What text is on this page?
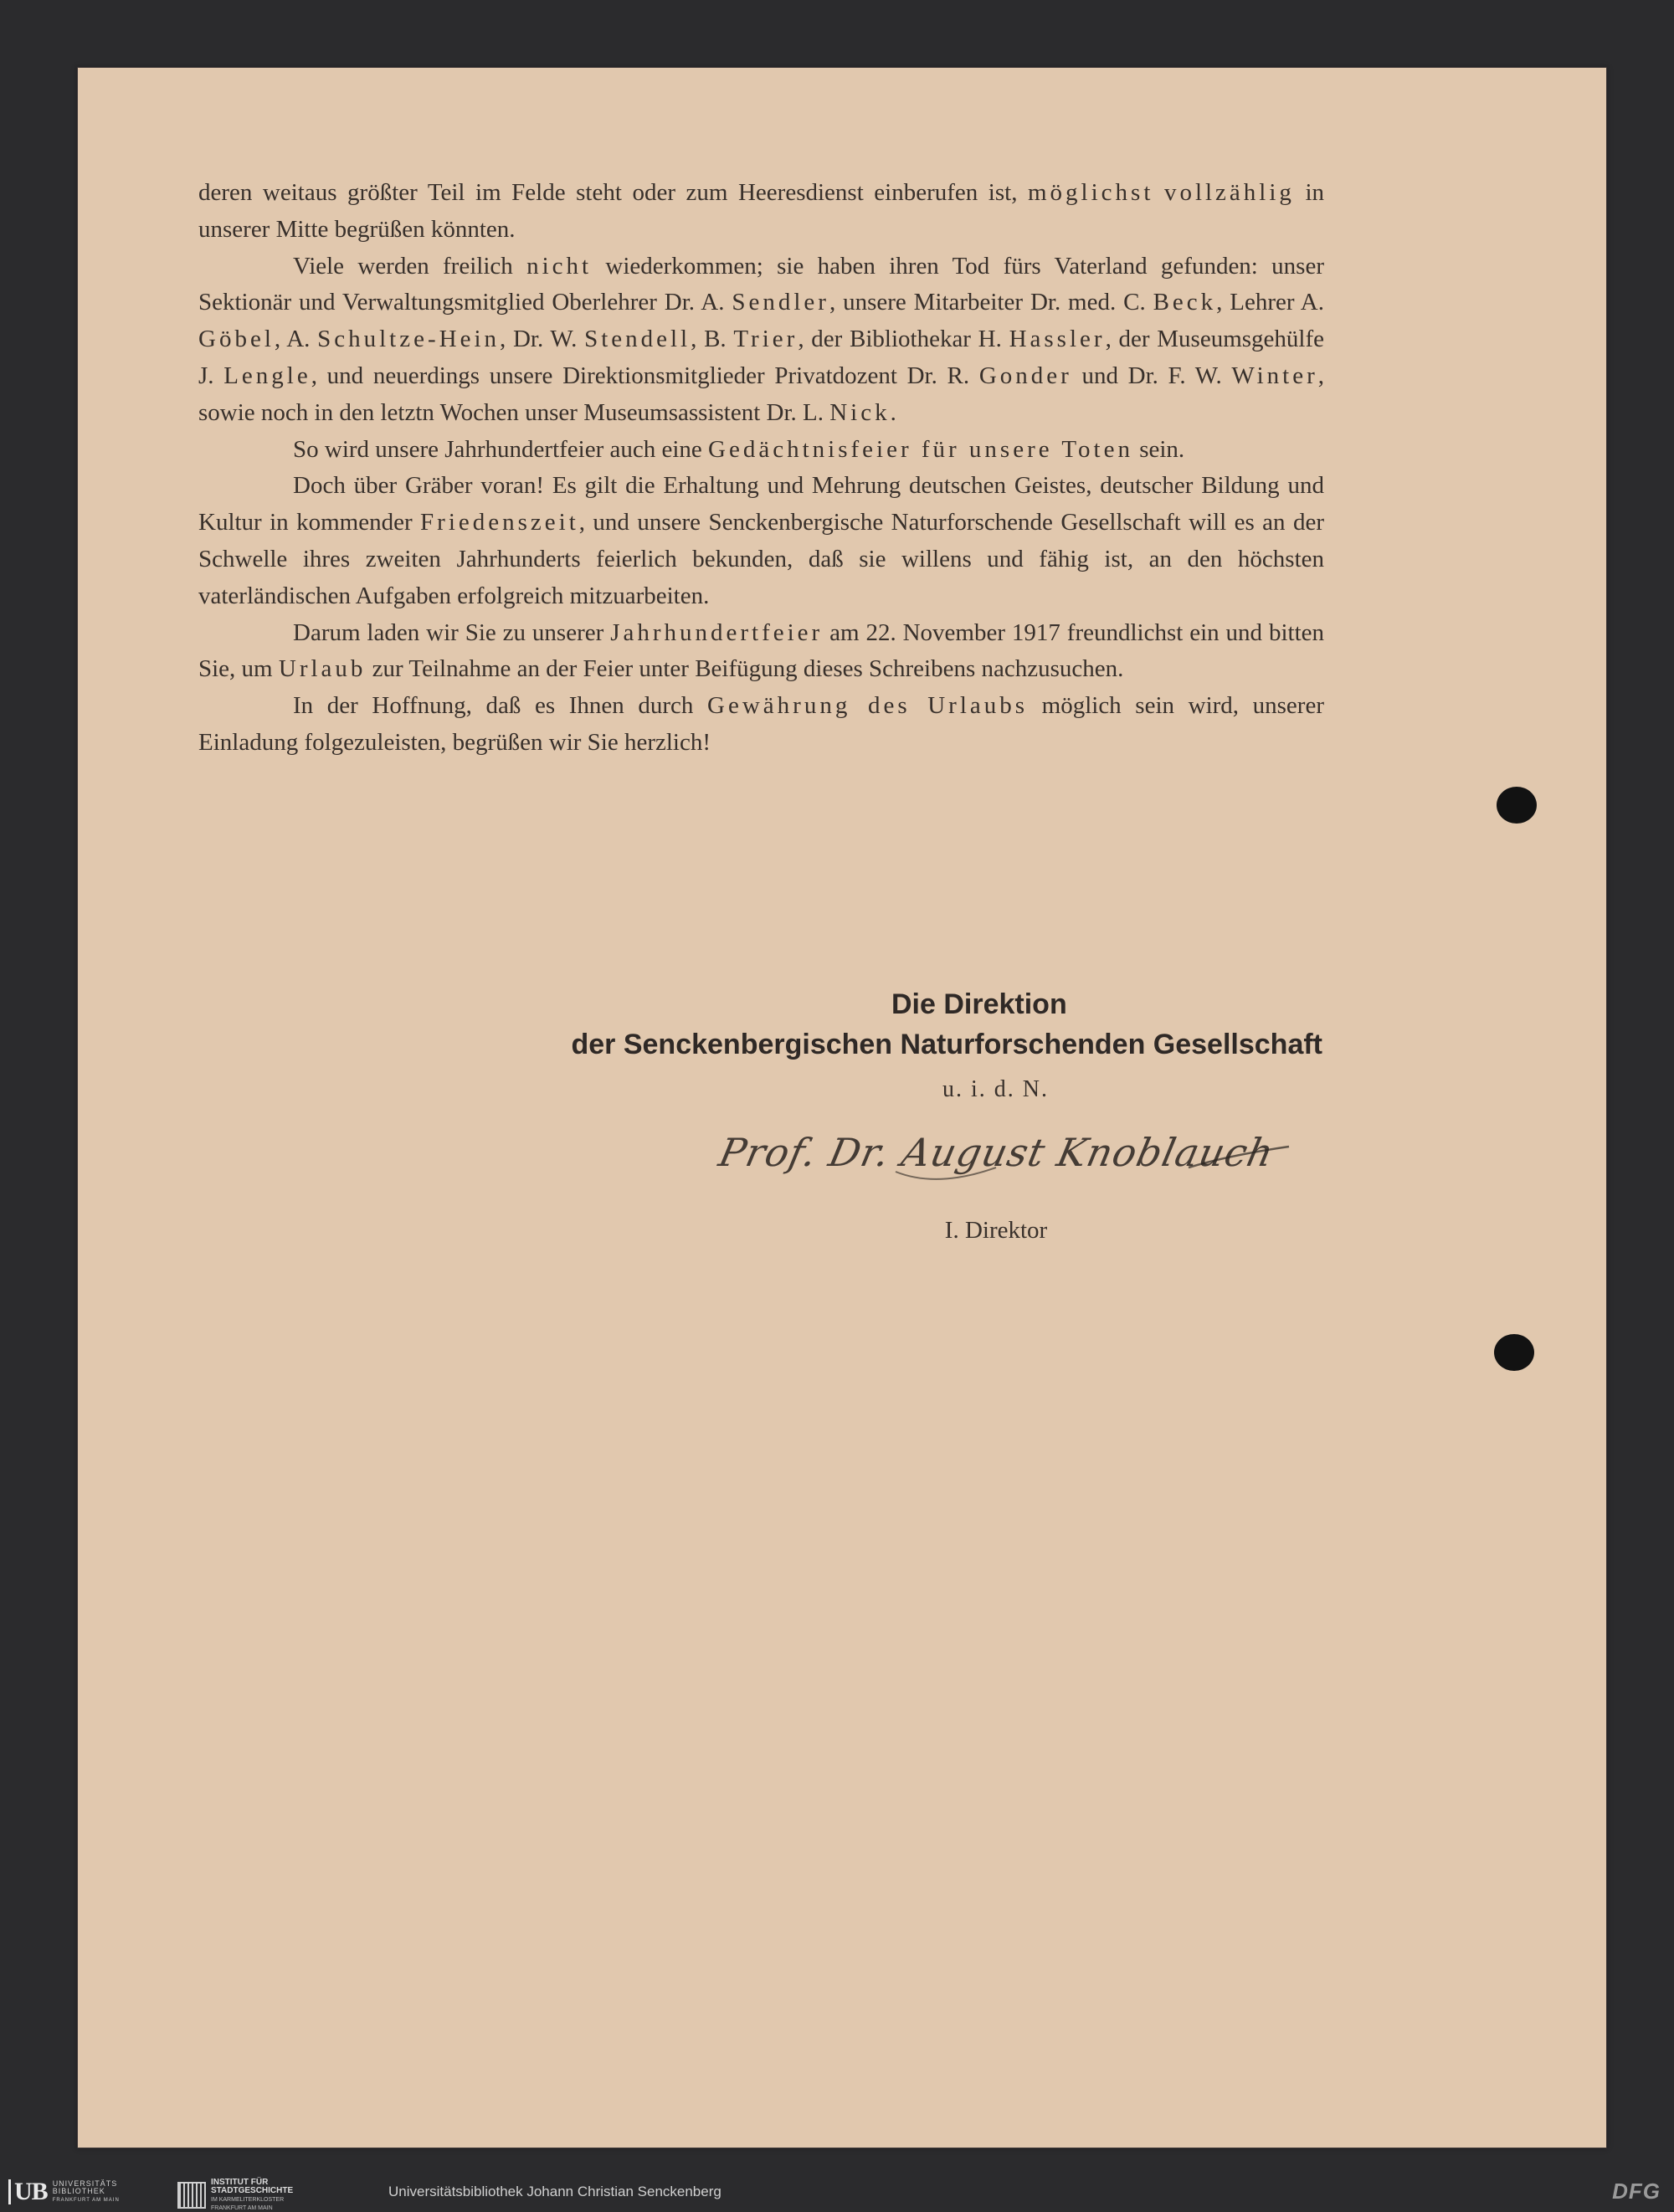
deren weitaus größter Teil im Felde steht oder zum Heeresdienst einberufen ist, möglichst vollzählig in unserer Mitte begrüßen könnten.

Viele werden freilich nicht wiederkommen; sie haben ihren Tod fürs Vaterland gefunden: unser Sektionär und Verwaltungsmitglied Oberlehrer Dr. A. Sendler, unsere Mitarbeiter Dr. med. C. Beck, Lehrer A. Göbel, A. Schultze-Hein, Dr. W. Stendell, B. Trier, der Bibliothekar H. Hassler, der Museumsgehülfe J. Lengle, und neuerdings unsere Direktionsmitglieder Privatdozent Dr. R. Gonder und Dr. F. W. Winter, sowie noch in den letztn Wochen unser Museumsassistent Dr. L. Nick.

So wird unsere Jahrhundertfeier auch eine Gedächtnisfeier für unsere Toten sein.

Doch über Gräber voran! Es gilt die Erhaltung und Mehrung deutschen Geistes, deutscher Bildung und Kultur in kommender Friedenszeit, und unsere Senckenbergische Naturforschende Gesellschaft will es an der Schwelle ihres zweiten Jahrhunderts feierlich bekunden, daß sie willens und fähig ist, an den höchsten vaterländischen Aufgaben erfolgreich mitzuarbeiten.

Darum laden wir Sie zu unserer Jahrhundertfeier am 22. November 1917 freundlichst ein und bitten Sie, um Urlaub zur Teilnahme an der Feier unter Beifügung dieses Schreibens nachzusuchen.

In der Hoffnung, daß es Ihnen durch Gewährung des Urlaubs möglich sein wird, unserer Einladung folgezuleisten, begrüßen wir Sie herzlich!

Die Direktion
der Senckenbergischen Naturforschenden Gesellschaft
u. i. d. N.
Prof. Dr. August Knoblauch
I. Direktor
UB UNIVERSITÄTS
BIBLIOTHEK
FRANKFURT AM MAIN
INSTITUT FÜR
STADTGESCHICHTE
IM KARMELITERKLOSTER
FRANKFURT AM MAIN
Universitätsbibliothek Johann Christian Senckenberg	DFG
